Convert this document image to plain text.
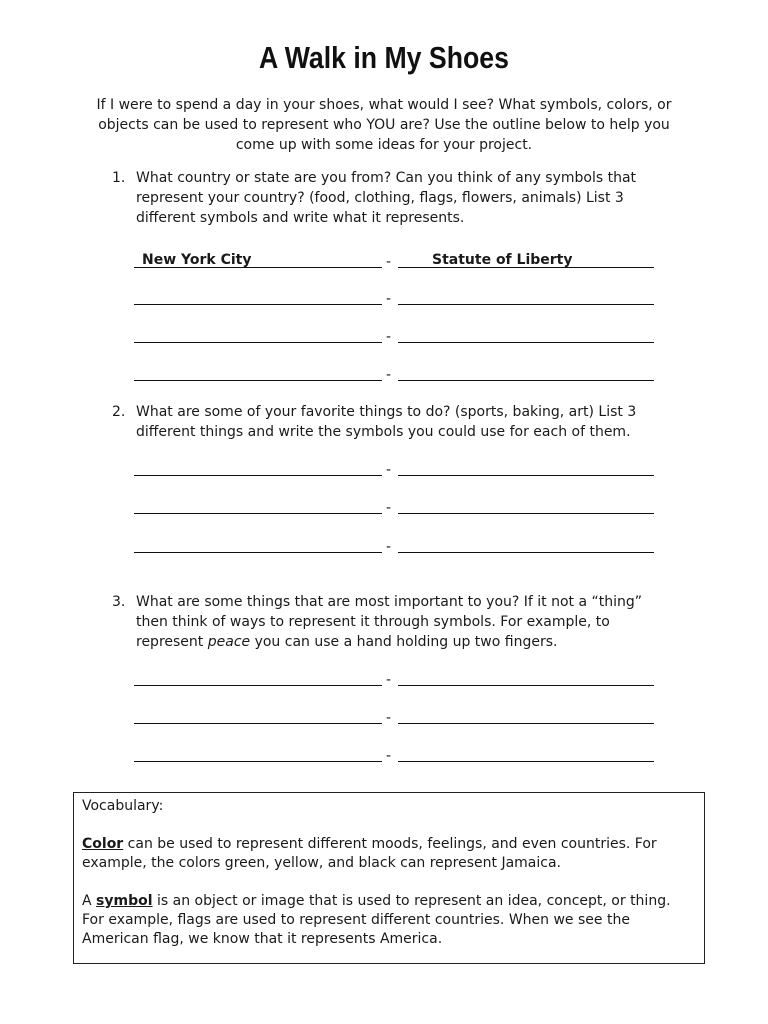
A Walk in My Shoes
If I were to spend a day in your shoes, what would I see? What symbols, colors, or objects can be used to represent who YOU are? Use the outline below to help you come up with some ideas for your project.
1. What country or state are you from? Can you think of any symbols that represent your country? (food, clothing, flags, flowers, animals) List 3 different symbols and write what it represents.
New York City	-	Statute of Liberty
-
-
-
2. What are some of your favorite things to do? (sports, baking, art) List 3 different things and write the symbols you could use for each of them.
-
-
-
3. What are some things that are most important to you? If it not a “thing” then think of ways to represent it through symbols. For example, to represent peace you can use a hand holding up two fingers.
-
-
-

Vocabulary:

Color can be used to represent different moods, feelings, and even countries. For example, the colors green, yellow, and black can represent Jamaica.

A symbol is an object or image that is used to represent an idea, concept, or thing. For example, flags are used to represent different countries. When we see the American flag, we know that it represents America.
